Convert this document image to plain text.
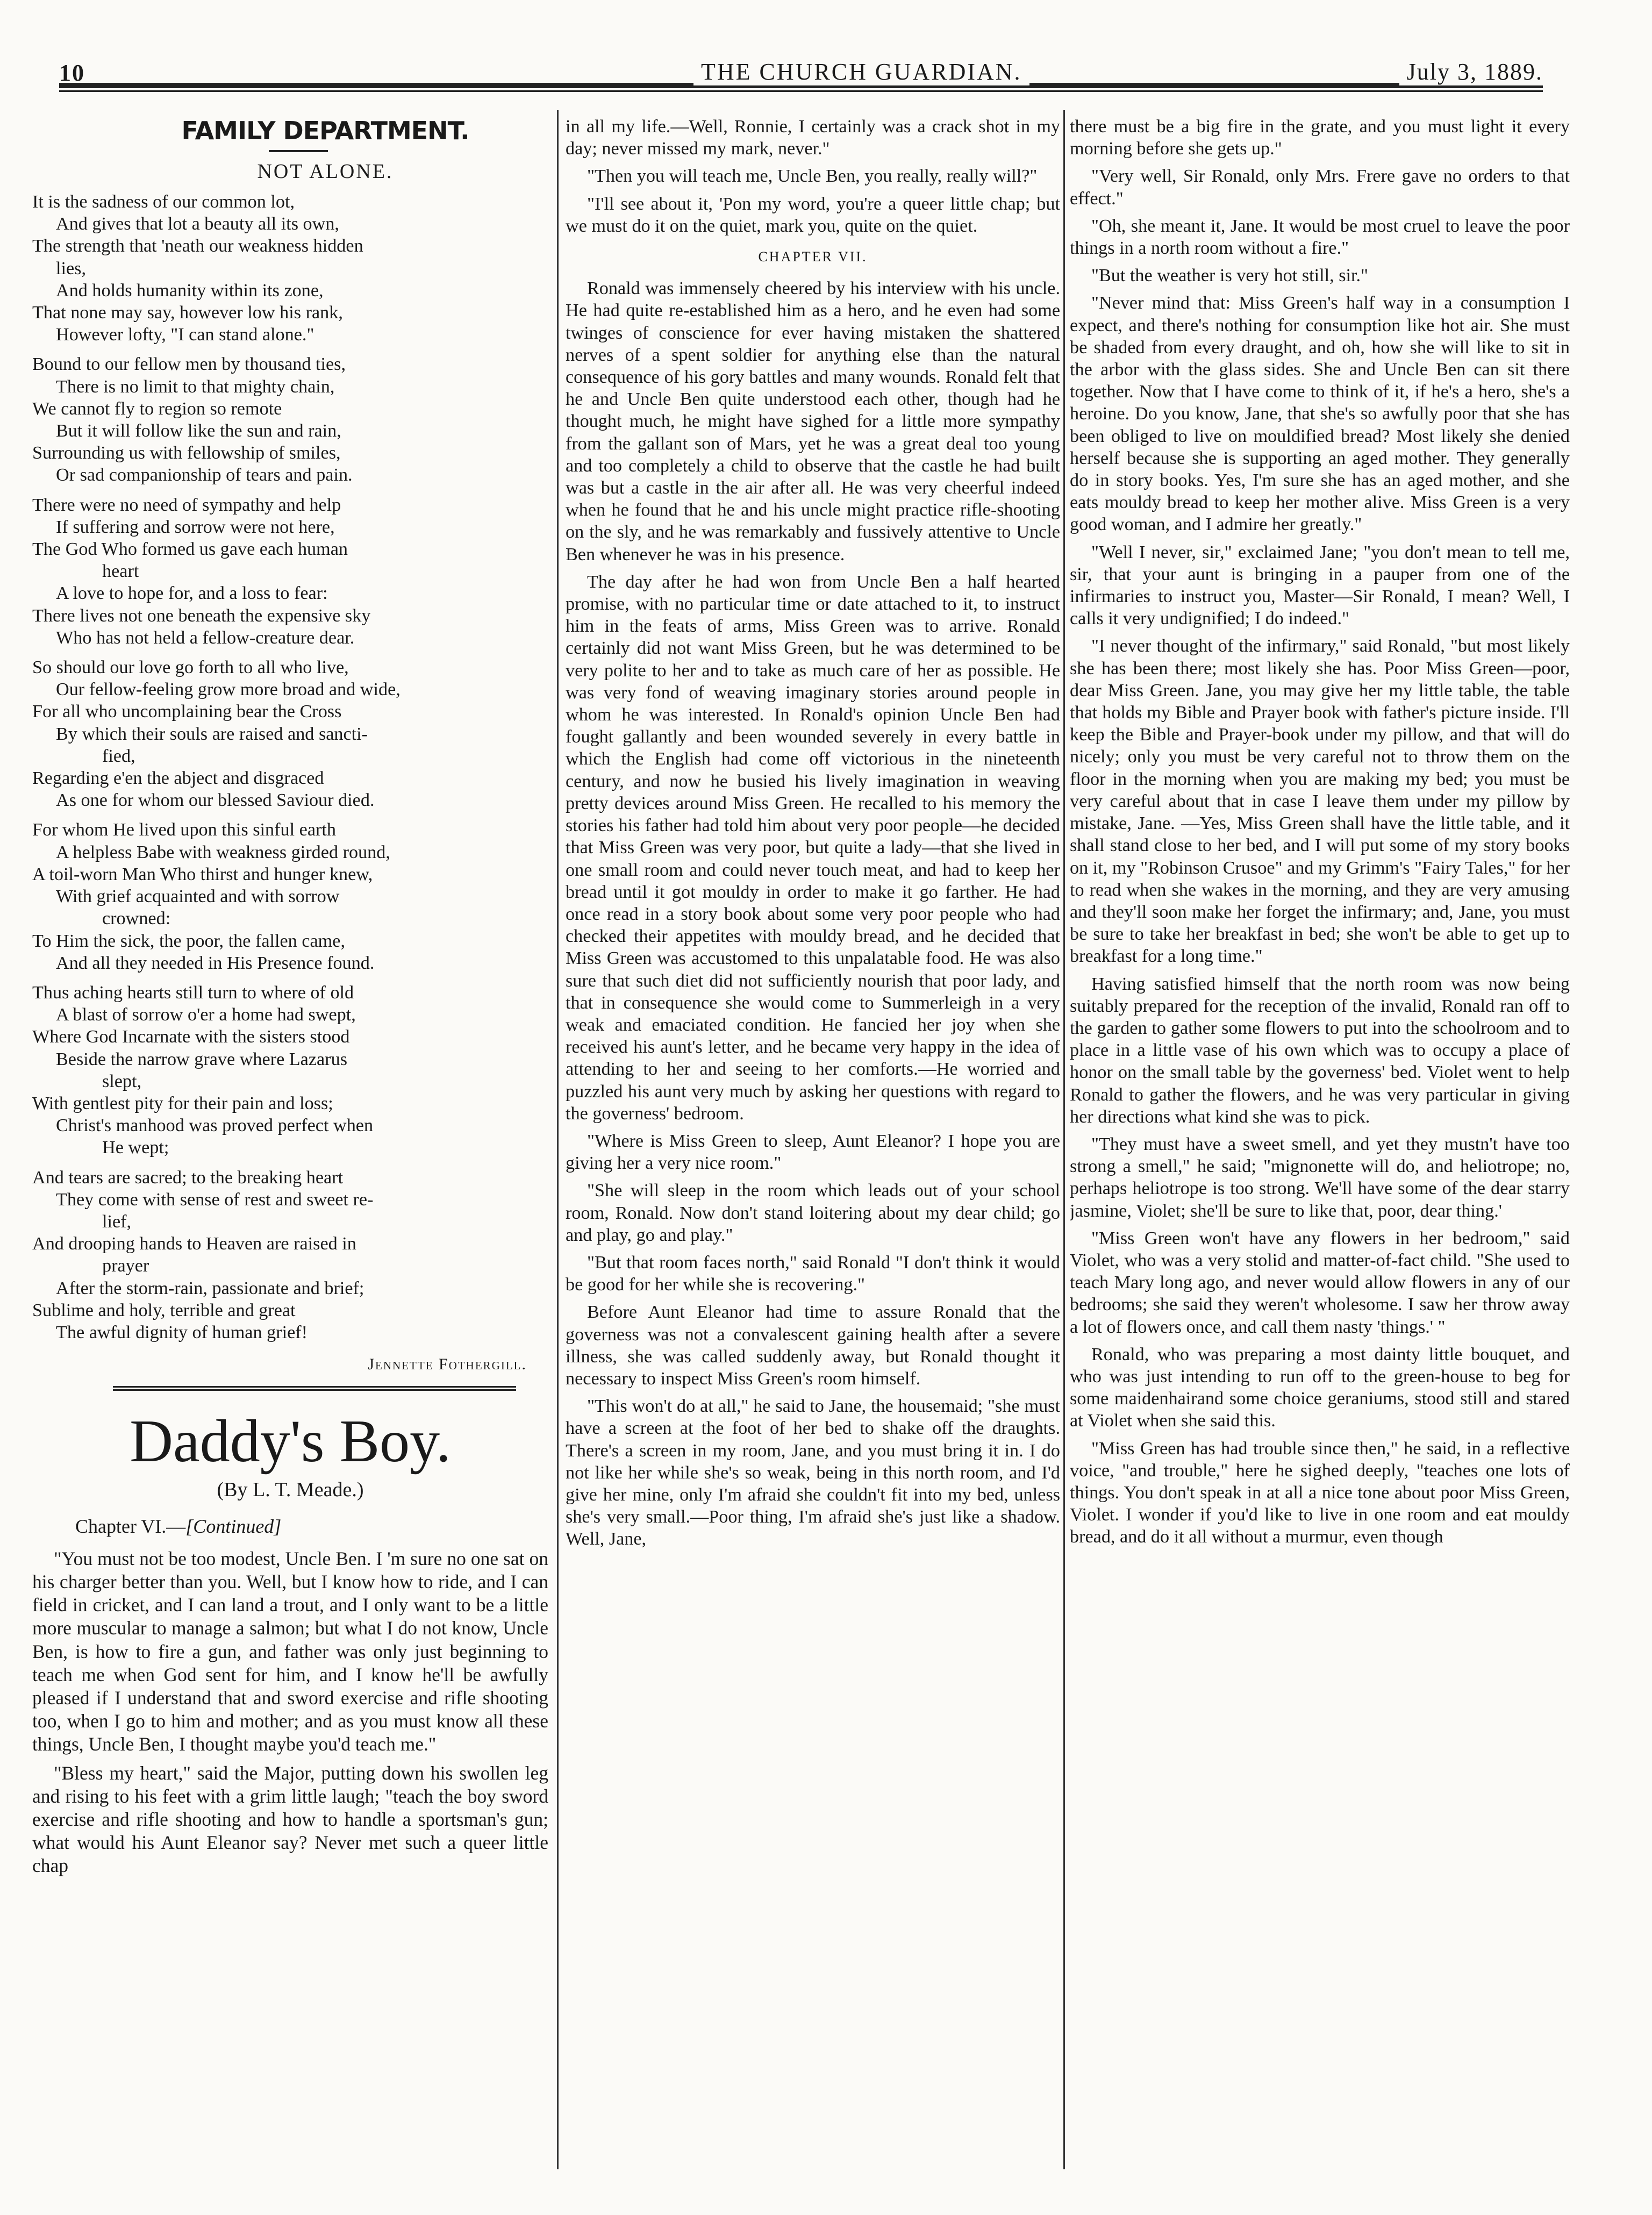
10	THE CHURCH GUARDIAN.	July 3, 1889.
FAMILY DEPARTMENT.
NOT ALONE.
It is the sadness of our common lot,
And gives that lot a beauty all its own,
The strength that 'neath our weakness hidden
lies,
And holds humanity within its zone,
That none may say, however low his rank,
However lofty, "I can stand alone."
Bound to our fellow men by thousand ties,
There is no limit to that mighty chain,
We cannot fly to region so remote
But it will follow like the sun and rain,
Surrounding us with fellowship of smiles,
Or sad companionship of tears and pain.
There were no need of sympathy and help
If suffering and sorrow were not here,
The God Who formed us gave each human
heart
A love to hope for, and a loss to fear:
There lives not one beneath the expensive sky
Who has not held a fellow-creature dear.
So should our love go forth to all who live,
Our fellow-feeling grow more broad and wide,
For all who uncomplaining bear the Cross
By which their souls are raised and sancti-
fied,
Regarding e'en the abject and disgraced
As one for whom our blessed Saviour died.
For whom He lived upon this sinful earth
A helpless Babe with weakness girded round,
A toil-worn Man Who thirst and hunger knew,
With grief acquainted and with sorrow
crowned:
To Him the sick, the poor, the fallen came,
And all they needed in His Presence found.
Thus aching hearts still turn to where of old
A blast of sorrow o'er a home had swept,
Where God Incarnate with the sisters stood
Beside the narrow grave where Lazarus
slept,
With gentlest pity for their pain and loss;
Christ's manhood was proved perfect when
He wept;
And tears are sacred; to the breaking heart
They come with sense of rest and sweet re-
lief,
And drooping hands to Heaven are raised in
prayer
After the storm-rain, passionate and brief;
Sublime and holy, terrible and great
The awful dignity of human grief!
Jennette Fothergill.
Daddy's Boy.
(By L. T. Meade.)
Chapter VI.—[Continued]
"You must not be too modest, Uncle Ben. I 'm sure no one sat on his charger better than you. Well, but I know how to ride, and I can field in cricket, and I can land a trout, and I only want to be a little more muscular to manage a salmon; but what I do not know, Uncle Ben, is how to fire a gun, and father was only just beginning to teach me when God sent for him, and I know he'll be awfully pleased if I understand that and sword exercise and rifle shooting too, when I go to him and mother; and as you must know all these things, Uncle Ben, I thought maybe you'd teach me."
"Bless my heart," said the Major, putting down his swollen leg and rising to his feet with a grim little laugh; "teach the boy sword exercise and rifle shooting and how to handle a sportsman's gun; what would his Aunt Eleanor say? Never met such a queer little chap
in all my life.—Well, Ronnie, I certainly was a crack shot in my day; never missed my mark, never."
"Then you will teach me, Uncle Ben, you really, really will?"
"I'll see about it, 'Pon my word, you're a queer little chap; but we must do it on the quiet, mark you, quite on the quiet.
CHAPTER VII.
Ronald was immensely cheered by his interview with his uncle. He had quite re-established him as a hero, and he even had some twinges of conscience for ever having mistaken the shattered nerves of a spent soldier for anything else than the natural consequence of his gory battles and many wounds. Ronald felt that he and Uncle Ben quite understood each other, though had he thought much, he might have sighed for a little more sympathy from the gallant son of Mars, yet he was a great deal too young and too completely a child to observe that the castle he had built was but a castle in the air after all. He was very cheerful indeed when he found that he and his uncle might practice rifle-shooting on the sly, and he was remarkably and fussively attentive to Uncle Ben whenever he was in his presence.
The day after he had won from Uncle Ben a half hearted promise, with no particular time or date attached to it, to instruct him in the feats of arms, Miss Green was to arrive. Ronald certainly did not want Miss Green, but he was determined to be very polite to her and to take as much care of her as possible. He was very fond of weaving imaginary stories around people in whom he was interested. In Ronald's opinion Uncle Ben had fought gallantly and been wounded severely in every battle in which the English had come off victorious in the nineteenth century, and now he busied his lively imagination in weaving pretty devices around Miss Green. He recalled to his memory the stories his father had told him about very poor people—he decided that Miss Green was very poor, but quite a lady—that she lived in one small room and could never touch meat, and had to keep her bread until it got mouldy in order to make it go farther. He had once read in a story book about some very poor people who had checked their appetites with mouldy bread, and he decided that Miss Green was accustomed to this unpalatable food. He was also sure that such diet did not sufficiently nourish that poor lady, and that in consequence she would come to Summerleigh in a very weak and emaciated condition. He fancied her joy when she received his aunt's letter, and he became very happy in the idea of attending to her and seeing to her comforts.—He worried and puzzled his aunt very much by asking her questions with regard to the governess' bedroom.
"Where is Miss Green to sleep, Aunt Eleanor? I hope you are giving her a very nice room."
"She will sleep in the room which leads out of your school room, Ronald. Now don't stand loitering about my dear child; go and play, go and play."
"But that room faces north," said Ronald "I don't think it would be good for her while she is recovering."
Before Aunt Eleanor had time to assure Ronald that the governess was not a convalescent gaining health after a severe illness, she was called suddenly away, but Ronald thought it necessary to inspect Miss Green's room himself.
"This won't do at all," he said to Jane, the housemaid; "she must have a screen at the foot of her bed to shake off the draughts. There's a screen in my room, Jane, and you must bring it in. I do not like her while she's so weak, being in this north room, and I'd give her mine, only I'm afraid she couldn't fit into my bed, unless she's very small.—Poor thing, I'm afraid she's just like a shadow. Well, Jane,
there must be a big fire in the grate, and you must light it every morning before she gets up."
"Very well, Sir Ronald, only Mrs. Frere gave no orders to that effect."
"Oh, she meant it, Jane. It would be most cruel to leave the poor things in a north room without a fire."
"But the weather is very hot still, sir."
"Never mind that: Miss Green's half way in a consumption I expect, and there's nothing for consumption like hot air. She must be shaded from every draught, and oh, how she will like to sit in the arbor with the glass sides. She and Uncle Ben can sit there together. Now that I have come to think of it, if he's a hero, she's a heroine. Do you know, Jane, that she's so awfully poor that she has been obliged to live on mouldified bread? Most likely she denied herself because she is supporting an aged mother. They generally do in story books. Yes, I'm sure she has an aged mother, and she eats mouldy bread to keep her mother alive. Miss Green is a very good woman, and I admire her greatly."
"Well I never, sir," exclaimed Jane; "you don't mean to tell me, sir, that your aunt is bringing in a pauper from one of the infirmaries to instruct you, Master—Sir Ronald, I mean? Well, I calls it very undignified; I do indeed."
"I never thought of the infirmary," said Ronald, "but most likely she has been there; most likely she has. Poor Miss Green—poor, dear Miss Green. Jane, you may give her my little table, the table that holds my Bible and Prayer book with father's picture inside. I'll keep the Bible and Prayer-book under my pillow, and that will do nicely; only you must be very careful not to throw them on the floor in the morning when you are making my bed; you must be very careful about that in case I leave them under my pillow by mistake, Jane. —Yes, Miss Green shall have the little table, and it shall stand close to her bed, and I will put some of my story books on it, my "Robinson Crusoe" and my Grimm's "Fairy Tales," for her to read when she wakes in the morning, and they are very amusing and they'll soon make her forget the infirmary; and, Jane, you must be sure to take her breakfast in bed; she won't be able to get up to breakfast for a long time."
Having satisfied himself that the north room was now being suitably prepared for the reception of the invalid, Ronald ran off to the garden to gather some flowers to put into the schoolroom and to place in a little vase of his own which was to occupy a place of honor on the small table by the governess' bed. Violet went to help Ronald to gather the flowers, and he was very particular in giving her directions what kind she was to pick.
"They must have a sweet smell, and yet they mustn't have too strong a smell," he said; "mignonette will do, and heliotrope; no, perhaps heliotrope is too strong. We'll have some of the dear starry jasmine, Violet; she'll be sure to like that, poor, dear thing.'
"Miss Green won't have any flowers in her bedroom," said Violet, who was a very stolid and matter-of-fact child. "She used to teach Mary long ago, and never would allow flowers in any of our bedrooms; she said they weren't wholesome. I saw her throw away a lot of flowers once, and call them nasty 'things.' "
Ronald, who was preparing a most dainty little bouquet, and who was just intending to run off to the green-house to beg for some maidenhairand some choice geraniums, stood still and stared at Violet when she said this.
"Miss Green has had trouble since then," he said, in a reflective voice, "and trouble," here he sighed deeply, "teaches one lots of things. You don't speak in at all a nice tone about poor Miss Green, Violet. I wonder if you'd like to live in one room and eat mouldy bread, and do it all without a murmur, even though
